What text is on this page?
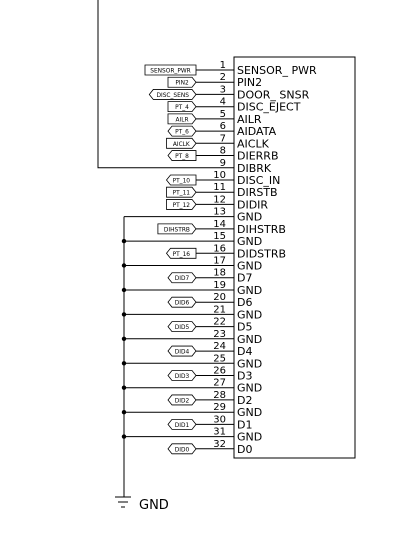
1 SENSOR_ PWR
SENSOR_PWR
2 PIN2
PIN2
3 DOOR_ SNSR
DISC_SENS
4 DISC_EJECT
PT_4
5 AILR
AILR
6 AIDATA
PT_6
7 AICLK
AICLK
8 DIERRB
PT_8
9 DIBRK
10 DISC_IN
PT_10
11 DIRSTB
PT_11
12 DIDIR
PT_12
13 GND
14 DIHSTRB
DIHSTRB
15 GND
16 DIDSTRB
PT_16
17 GND
18 D7
DID7
19 GND
20 D6
DID6
21 GND
22 D5
DID5
23 GND
24 D4
DID4
25 GND
26 D3
DID3
27 GND
28 D2
DID2
29 GND
30 D1
DID1
31 GND
32 D0
DID0
GND
